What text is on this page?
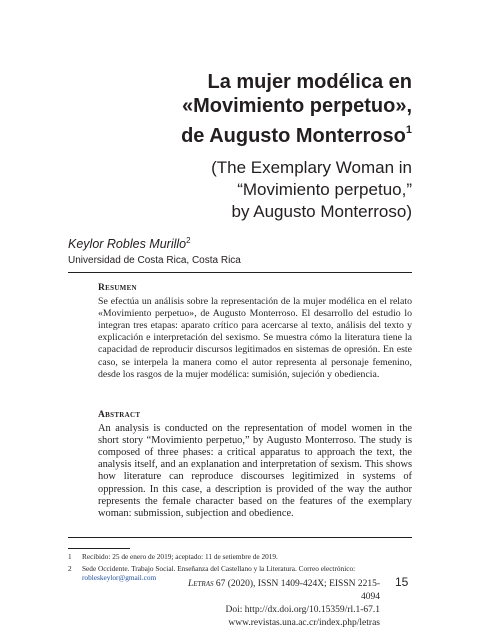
La mujer modélica en
«Movimiento perpetuo»,
de Augusto Monterroso$^1$
(The Exemplary Woman in
“Movimiento perpetuo,”
by Augusto Monterroso)
Keylor Robles Murillo$^2$
Universidad de Costa Rica, Costa Rica
Resumen
Se efectúa un análisis sobre la representación de la mujer modélica en el relato «Movimiento perpetuo», de Augusto Monterroso. El desarrollo del estudio lo integran tres etapas: aparato crítico para acercarse al texto, análisis del texto y explicación e interpretación del sexismo. Se muestra cómo la literatura tiene la capacidad de reproducir discursos legitimados en sistemas de opresión. En este caso, se interpela la manera como el autor representa al personaje femenino, desde los rasgos de la mujer modélica: sumisión, sujeción y obediencia.
Abstract
An analysis is conducted on the representation of model women in the short story “Movimiento perpetuo,” by Augusto Monterroso. The study is composed of three phases: a critical apparatus to approach the text, the analysis itself, and an explanation and interpretation of sexism. This shows how literature can reproduce discourses legitimized in systems of oppression. In this case, a description is provided of the way the author represents the female character based on the features of the exemplary woman: submission, subjection and obedience.
1 Recibido: 25 de enero de 2019; aceptado: 11 de setiembre de 2019.
2 Sede Occidente. Trabajo Social. Enseñanza del Castellano y la Literatura. Correo electrónico:
robleskeylor@gmail.com
Letras 67 (2020), ISSN 1409-424X; EISSN 2215-4094
Doi: http://dx.doi.org/10.15359/rl.1-67.1
www.revistas.una.ac.cr/index.php/letras
15
